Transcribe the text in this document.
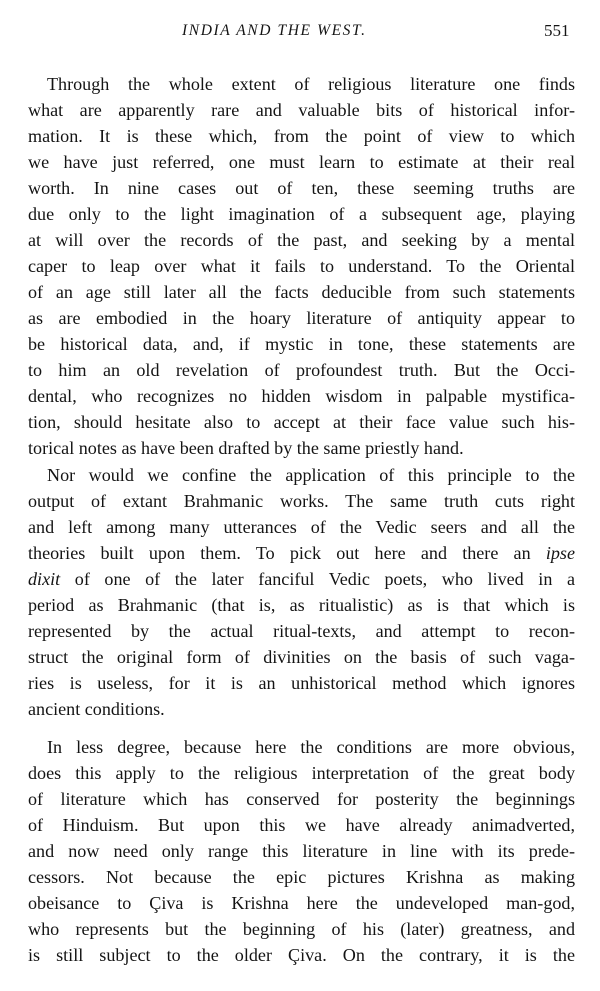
INDIA AND THE WEST.	551
Through the whole extent of religious literature one finds
what are apparently rare and valuable bits of historical infor-
mation. It is these which, from the point of view to which
we have just referred, one must learn to estimate at their real
worth. In nine cases out of ten, these seeming truths are
due only to the light imagination of a subsequent age, playing
at will over the records of the past, and seeking by a mental
caper to leap over what it fails to understand. To the Oriental
of an age still later all the facts deducible from such statements
as are embodied in the hoary literature of antiquity appear to
be historical data, and, if mystic in tone, these statements are
to him an old revelation of profoundest truth. But the Occi-
dental, who recognizes no hidden wisdom in palpable mystifica-
tion, should hesitate also to accept at their face value such his-
torical notes as have been drafted by the same priestly hand.
Nor would we confine the application of this principle to the
output of extant Brahmanic works. The same truth cuts right
and left among many utterances of the Vedic seers and all the
theories built upon them. To pick out here and there an ipse
dixit of one of the later fanciful Vedic poets, who lived in a
period as Brahmanic (that is, as ritualistic) as is that which is
represented by the actual ritual-texts, and attempt to recon-
struct the original form of divinities on the basis of such vaga-
ries is useless, for it is an unhistorical method which ignores
ancient conditions.
In less degree, because here the conditions are more obvious,
does this apply to the religious interpretation of the great body
of literature which has conserved for posterity the beginnings
of Hinduism. But upon this we have already animadverted,
and now need only range this literature in line with its prede-
cessors. Not because the epic pictures Krishna as making
obeisance to Çiva is Krishna here the undeveloped man-god,
who represents but the beginning of his (later) greatness, and
is still subject to the older Çiva. On the contrary, it is the
